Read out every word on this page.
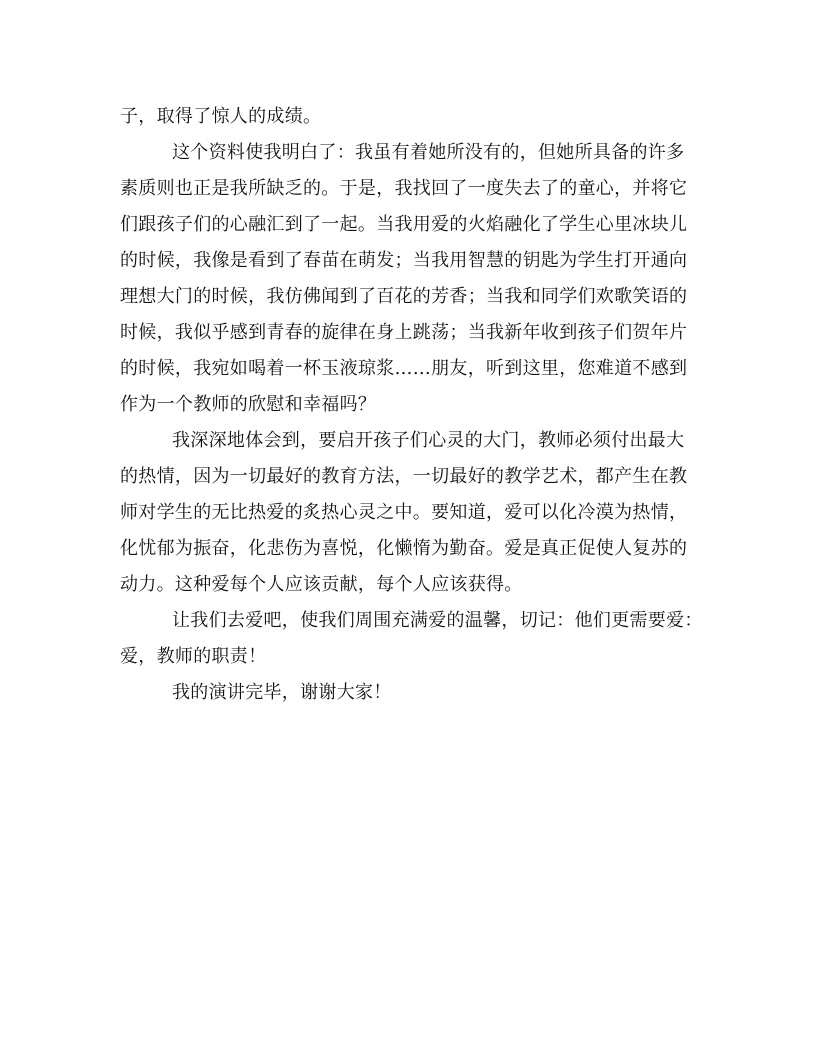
子，取得了惊人的成绩。

这个资料使我明白了：我虽有着她所没有的，但她所具备的许多
素质则也正是我所缺乏的。于是，我找回了一度失去了的童心，并将它
们跟孩子们的心融汇到了一起。当我用爱的火焰融化了学生心里冰块儿
的时候，我像是看到了春苗在萌发；当我用智慧的钥匙为学生打开通向
理想大门的时候，我仿佛闻到了百花的芳香；当我和同学们欢歌笑语的
时候，我似乎感到青春的旋律在身上跳荡；当我新年收到孩子们贺年片
的时候，我宛如喝着一杯玉液琼浆……朋友，听到这里，您难道不感到
作为一个教师的欣慰和幸福吗？

我深深地体会到，要启开孩子们心灵的大门，教师必须付出最大
的热情，因为一切最好的教育方法，一切最好的教学艺术，都产生在教
师对学生的无比热爱的炙热心灵之中。要知道，爱可以化冷漠为热情，
化忧郁为振奋，化悲伤为喜悦，化懒惰为勤奋。爱是真正促使人复苏的
动力。这种爱每个人应该贡献，每个人应该获得。

让我们去爱吧，使我们周围充满爱的温馨，切记：他们更需要爱：
爱，教师的职责！

我的演讲完毕，谢谢大家！
